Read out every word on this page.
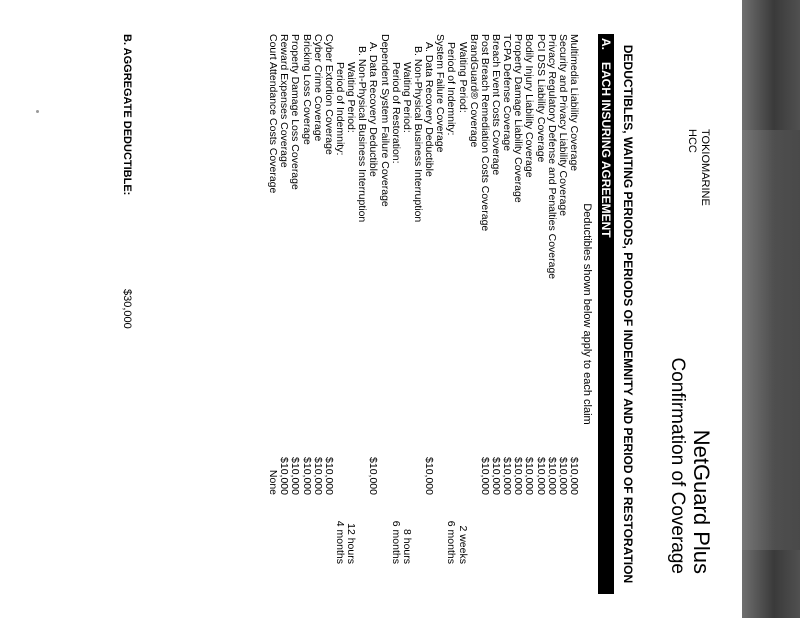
TOKIOMARINE
HCC
NetGuard Plus
Confirmation of Coverage
DEDUCTIBLES, WAITING PERIODS, PERIODS OF INDEMNITY AND PERIOD OF RESTORATION
A.EACH INSURING AGREEMENT
Deductibles shown below apply to each claim
Multimedia Liability Coverage
$10,000
Security and Privacy Liability Coverage
$10,000
Privacy Regulatory Defense and Penalties Coverage
$10,000
PCI DSS Liability Coverage
$10,000
Bodily Injury Liability Coverage
$10,000
Property Damage Liability Coverage
$10,000
TCPA Defense Coverage
$10,000
Breach Event Costs Coverage
$10,000
Post Breach Remediation Costs Coverage
$10,000
BrandGuard® Coverage
Waiting Period:
2 weeks
Period of Indemnity:
6 months
System Failure Coverage
A. Data Recovery Deductible
$10,000
B. Non-Physical Business Interruption
Waiting Period:
8 hours
Period of Restoration:
6 months
Dependent System Failure Coverage
A. Data Recovery Deductible
$10,000
B. Non-Physical Business Interruption
Waiting Period:
12 hours
Period of Indemnity:
4 months
Cyber Extortion Coverage
$10,000
Cyber Crime Coverage
$10,000
Bricking Loss Coverage
$10,000
Property Damage Loss Coverage
$10,000
Reward Expenses Coverage
$10,000
Court Attendance Costs Coverage
None
B. AGGREGATE DEDUCTIBLE:
$30,000
